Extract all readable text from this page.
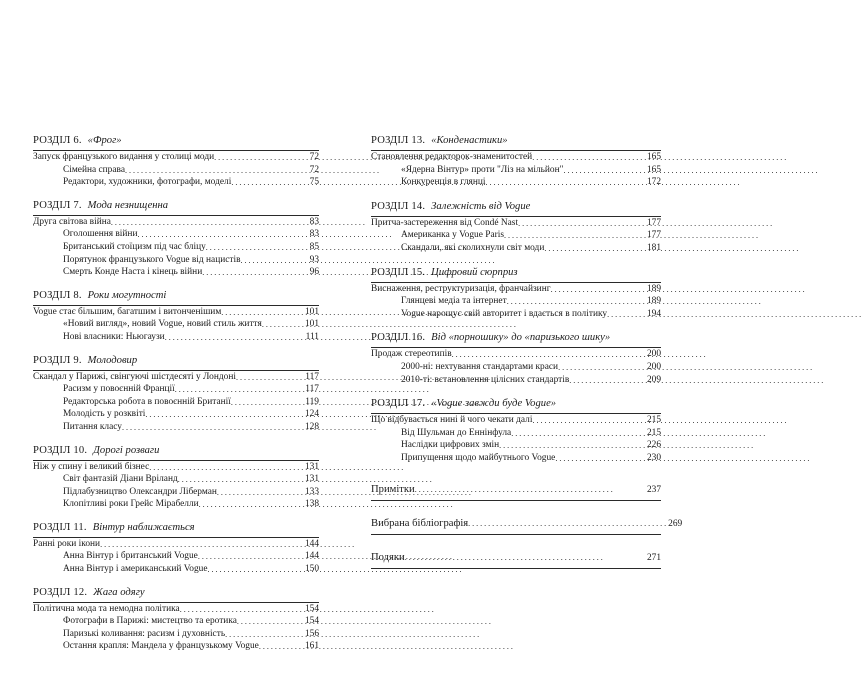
РОЗДІЛ 6. «Фрог»
Запуск французького видання у столиці моди . . .	72
Сімейна справа . . .	72
Редактори, художники, фотографи, моделі . . .	75
РОЗДІЛ 7. Мода незнищенна
Друга світова війна . . .	83
Оголошення війни . . .	83
Британський стоїцизм під час бліцу . . .	85
Порятунок французького Vogue від нацистів . . .	93
Смерть Конде Наста і кінець війни . . .	96
РОЗДІЛ 8. Роки могутності
Vogue стає більшим, багатшим і витонченішим . . .	101
«Новий вигляд», новий Vogue, новий стиль життя . . .	101
Нові власники: Ньюгаузи . . .	111
РОЗДІЛ 9. Молодовир
Скандал у Парижі, свінгуючі шістдесяті у Лондоні . . .	117
Расизм у повоєнній Франції . . .	117
Редакторська робота в повоєнній Британії . . .	119
Молодість у розквіті . . .	124
Питання класу . . .	128
РОЗДІЛ 10. Дорогі розваги
Ніж у спину і великий бізнес . . .	131
Світ фантазій Діани Вріланд . . .	131
Підлабузництво Олександри Ліберман . . .	133
Клопітливі роки Грейс Мірабелли . . .	138
РОЗДІЛ 11. Вінтур наближається
Ранні роки ікони . . .	144
Анна Вінтур і британський Vogue . . .	144
Анна Вінтур і американський Vogue . . .	150
РОЗДІЛ 12. Жага одягу
Політична мода та немодна політика . . .	154
Фотографи в Парижі: мистецтво та еротика . . .	154
Паризькі коливання: расизм і духовність . . .	156
Остання крапля: Мандела у французькому Vogue . . .	161
РОЗДІЛ 13. «Конденастики»
Становлення редакторок-знаменитостей . . .	165
«Ядерна Вінтур» проти "Ліз на мільйон" . . .	165
Конкуренція в глянці . . .	172
РОЗДІЛ 14. Залежність від Vogue
Притча-застереження від Condé Nast . . .	177
Американка у Vogue Paris . . .	177
Скандали, які сколихнули світ моди . . .	181
РОЗДІЛ 15. Цифровий сюрприз
Виснаження, реструктуризація, франчайзинг . . .	189
Глянцеві медіа та інтернет . . .	189
Vogue нарощує свій авторитет і вдається в політику . . .	194
РОЗДІЛ 16. Від «порношику» до «паризького шику»
Продаж стереотипів . . .	200
2000-ні: нехтування стандартами краси . . .	200
2010-ті: встановлення цілісних стандартів . . .	209
РОЗДІЛ 17. «Vogue завжди буде Vogue»
Що відбувається нині й чого чекати далі . . .	215
Від Шульман до Еннінфула . . .	215
Наслідки цифрових змін . . .	226
Припущення щодо майбутнього Vogue . . .	230
Примітки . . .	237
Вибрана бібліографія . . .	269
Подяки . . .	271
